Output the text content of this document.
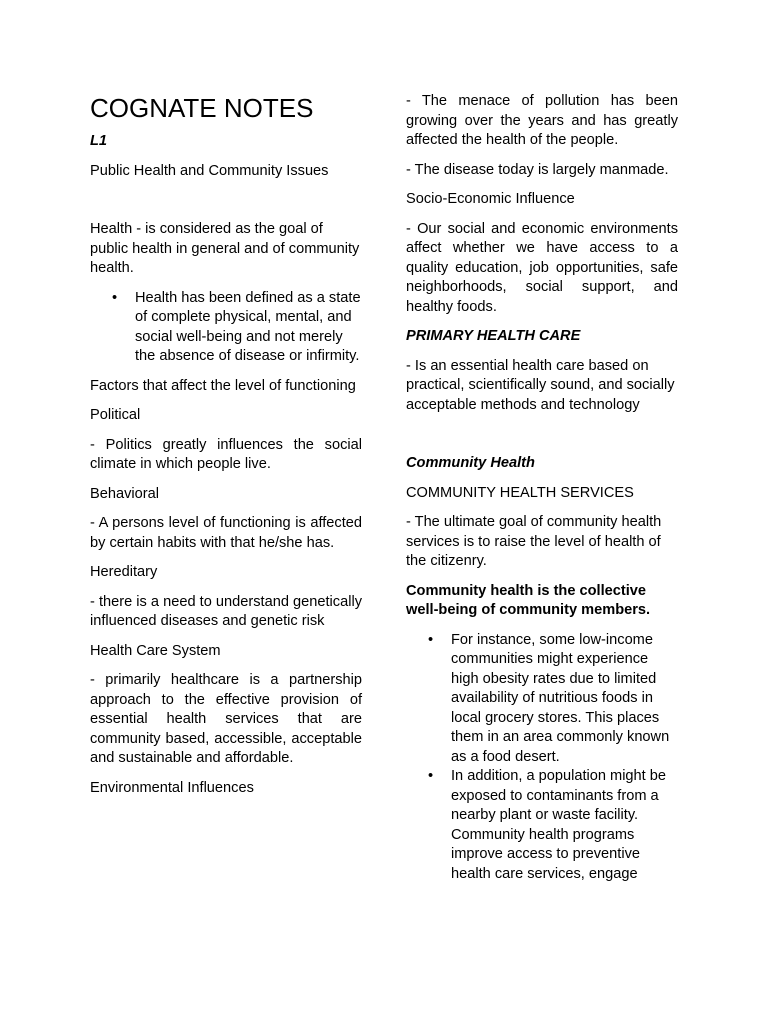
COGNATE NOTES

L1

Public Health and Community Issues

Health - is considered as the goal of public health in general and of community health.

• Health has been defined as a state of complete physical, mental, and social well-being and not merely the absence of disease or infirmity.

Factors that affect the level of functioning

Political

- Politics greatly influences the social climate in which people live.

Behavioral

- A persons level of functioning is affected by certain habits with that he/she has.

Hereditary

- there is a need to understand genetically influenced diseases and genetic risk

Health Care System

- primarily healthcare is a partnership approach to the effective provision of essential health services that are community based, accessible, acceptable and sustainable and affordable.

Environmental Influences

- The menace of pollution has been growing over the years and has greatly affected the health of the people.

- The disease today is largely manmade.

Socio-Economic Influence

- Our social and economic environments affect whether we have access to a quality education, job opportunities, safe neighborhoods, social support, and healthy foods.

PRIMARY HEALTH CARE

- Is an essential health care based on practical, scientifically sound, and socially acceptable methods and technology

Community Health

COMMUNITY HEALTH SERVICES

- The ultimate goal of community health services is to raise the level of health of the citizenry.

Community health is the collective well-being of community members.

• For instance, some low-income communities might experience high obesity rates due to limited availability of nutritious foods in local grocery stores. This places them in an area commonly known as a food desert.
• In addition, a population might be exposed to contaminants from a nearby plant or waste facility. Community health programs improve access to preventive health care services, engage
